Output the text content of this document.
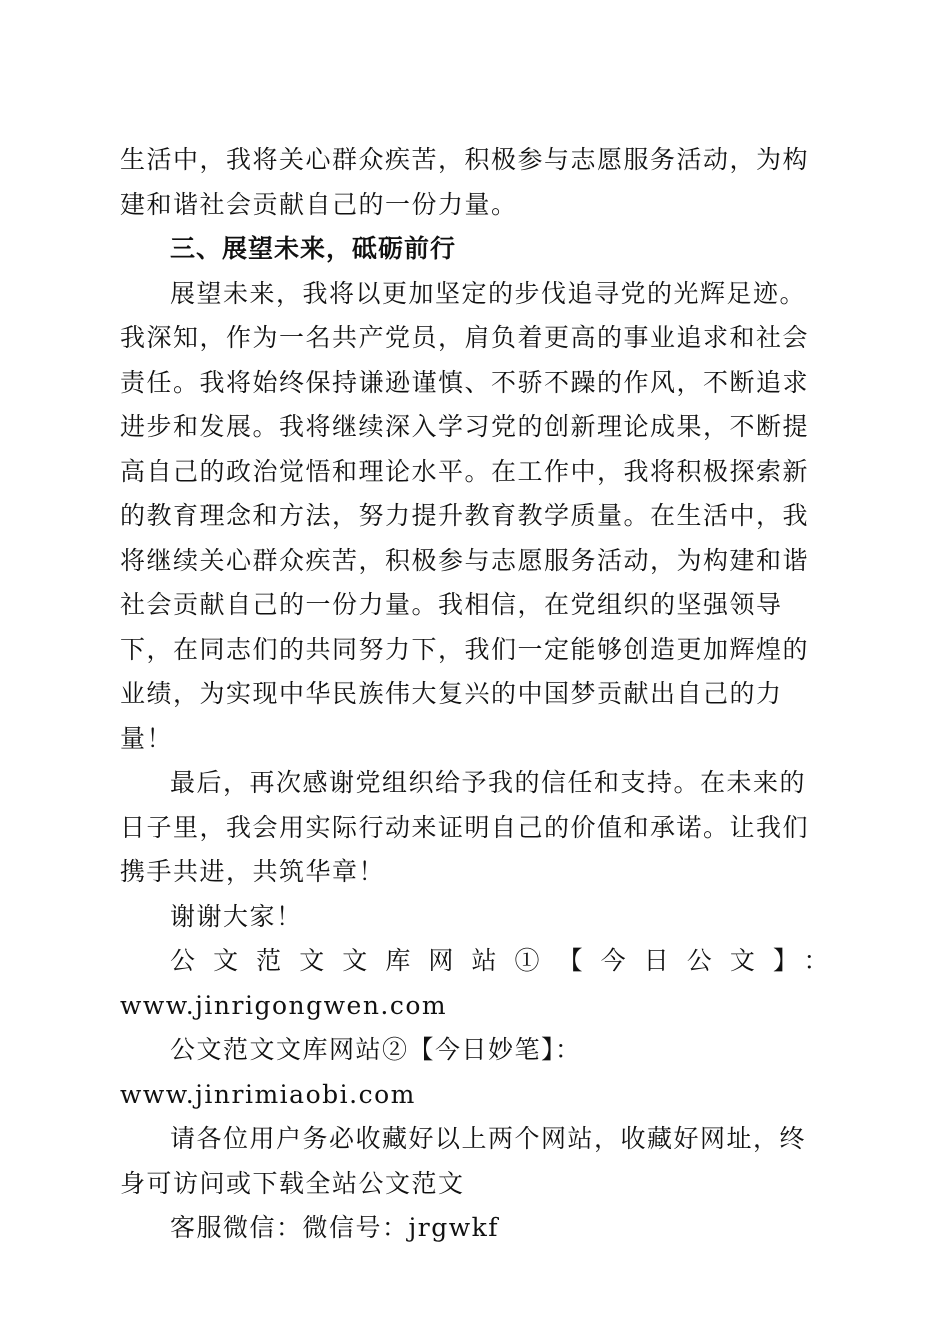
生活中，我将关心群众疾苦，积极参与志愿服务活动，为构建和谐社会贡献自己的一份力量。

三、展望未来，砥砺前行

展望未来，我将以更加坚定的步伐追寻党的光辉足迹。我深知，作为一名共产党员，肩负着更高的事业追求和社会责任。我将始终保持谦逊谨慎、不骄不躁的作风，不断追求进步和发展。我将继续深入学习党的创新理论成果，不断提高自己的政治觉悟和理论水平。在工作中，我将积极探索新的教育理念和方法，努力提升教育教学质量。在生活中，我将继续关心群众疾苦，积极参与志愿服务活动，为构建和谐社会贡献自己的一份力量。我相信，在党组织的坚强领导下，在同志们的共同努力下，我们一定能够创造更加辉煌的业绩，为实现中华民族伟大复兴的中国梦贡献出自己的力量！

最后，再次感谢党组织给予我的信任和支持。在未来的日子里，我会用实际行动来证明自己的价值和承诺。让我们携手共进，共筑华章！

谢谢大家！

公文范文文库网站①【今日公文】：

www.jinrigongwen.com

公文范文文库网站②【今日妙笔】：www.jinrimiaobi.com

请各位用户务必收藏好以上两个网站，收藏好网址，终身可访问或下载全站公文范文

客服微信：微信号：jrgwkf
